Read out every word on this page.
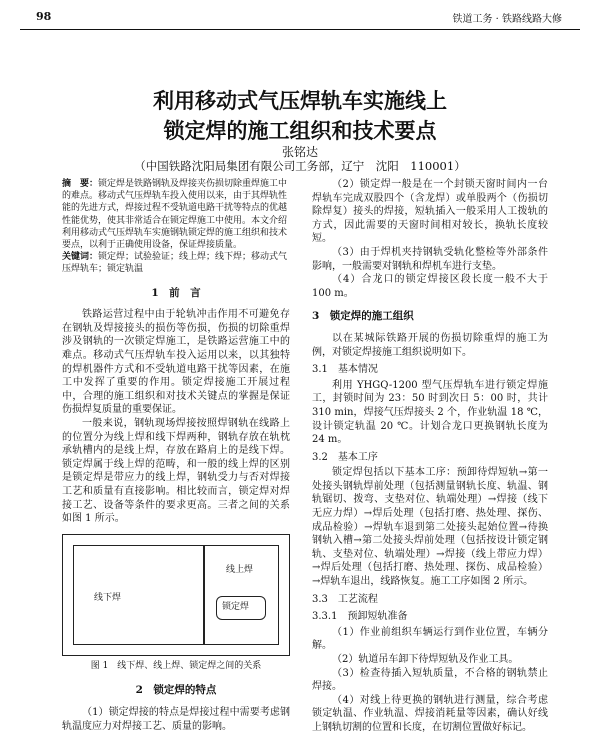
98	铁道工务 · 铁路线路大修
利用移动式气压焊轨车实施线上
锁定焊的施工组织和技术要点
张铭达
（中国铁路沈阳局集团有限公司工务部，辽宁　沈阳　110001）
摘　要：锁定焊是铁路钢轨及焊接夹伤损切除重焊施工中的难点。移动式气压焊轨车投入使用以来，由于其焊轨性能的先进方式，焊接过程不受轨道电路干扰等特点的优越性能优势，使其非常适合在锁定焊施工中使用。本文介绍利用移动式气压焊轨车实施钢轨锁定焊的施工组织和技术要点，以利于正确使用设备，保证焊接质量。
关键词：锁定焊；试验验证；线上焊；线下焊；移动式气压焊轨车；锁定轨温
1　前　言

铁路运营过程中由于轮轨冲击作用不可避免存在钢轨及焊接接头的损伤等伤损，伤损的切除重焊涉及钢轨的一次锁定焊施工，是铁路运营施工中的难点。移动式气压焊轨车投入运用以来，以其独特的焊机器件方式和不受轨道电路干扰等因素，在施工中发挥了重要的作用。锁定焊接施工开展过程中，合理的施工组织和对技术关键点的掌握是保证伤损焊复质量的重要保证。

一般来说，钢轨现场焊接按照焊钢轨在线路上的位置分为线上焊和线下焊两种，钢轨存放在轨枕承轨槽内的是线上焊，存放在路肩上的是线下焊。锁定焊属于线上焊的范畴，和一般的线上焊的区别是锁定焊是带应力的线上焊，钢轨受力与否对焊接工艺和质量有直接影响。相比较而言，锁定焊对焊接工艺、设备等条件的要求更高。三者之间的关系如图 1 所示。

线下焊
线上焊
锁定焊
图 1　线下焊、线上焊、锁定焊之间的关系
2　锁定焊的特点

（1）锁定焊接的特点是焊接过程中需要考虑钢轨温度应力对焊接工艺、质量的影响。

（2）锁定焊一般是在一个封锁天窗时间内一台焊轨车完成双股四个（含龙焊）或单股两个（伤损切除焊复）接头的焊接，短轨插入一般采用人工拨轨的方式，因此需要的天窗时间相对较长，换轨长度较短。

（3）由于焊机夹持钢轨受轨化整检等外部条件影响，一般需要对钢轨和焊机车进行支垫。

（4）合龙口的锁定焊接区段长度一般不大于 100 m。

3　锁定焊的施工组织

以在某城际铁路开展的伤损切除重焊的施工为例，对锁定焊接施工组织说明如下。

3.1　基本情况

利用 YHGQ-1200 型气压焊轨车进行锁定焊施工，封锁时间为 23：50 时到次日 5：00 时，共计 310 min，焊接气压焊接头 2 个，作业轨温 18 ℃，设计锁定轨温 20 ℃。计划合龙口更换钢轨长度为 24 m。

3.2　基本工序

锁定焊包括以下基本工序：预卸待焊短轨→第一处接头钢轨焊前处理（包括测量钢轨长度、轨温、钢轨锯切、拨弯、支垫对位、轨端处理）→焊接（线下无应力焊）→焊后处理（包括打磨、热处理、探伤、成品检验）→焊轨车退到第二处接头起始位置→待换钢轨入槽→第二处接头焊前处理（包括按设计锁定钢轨、支垫对位、轨端处理）→焊接（线上带应力焊）→焊后处理（包括打磨、热处理、探伤、成品检验）→焊轨车退出，线路恢复。施工工序如图 2 所示。

3.3　工艺流程
3.3.1　预卸短轨准备

（1）作业前组织车辆运行到作业位置，车辆分解。

（2）轨道吊车卸下待焊短轨及作业工具。

（3）检查待插入短轨质量，不合格的钢轨禁止焊接。

（4）对线上待更换的钢轨进行测量，综合考虑锁定轨温、作业轨温、焊接消耗量等因素，确认好线上钢轨切割的位置和长度，在切割位置做好标记。
